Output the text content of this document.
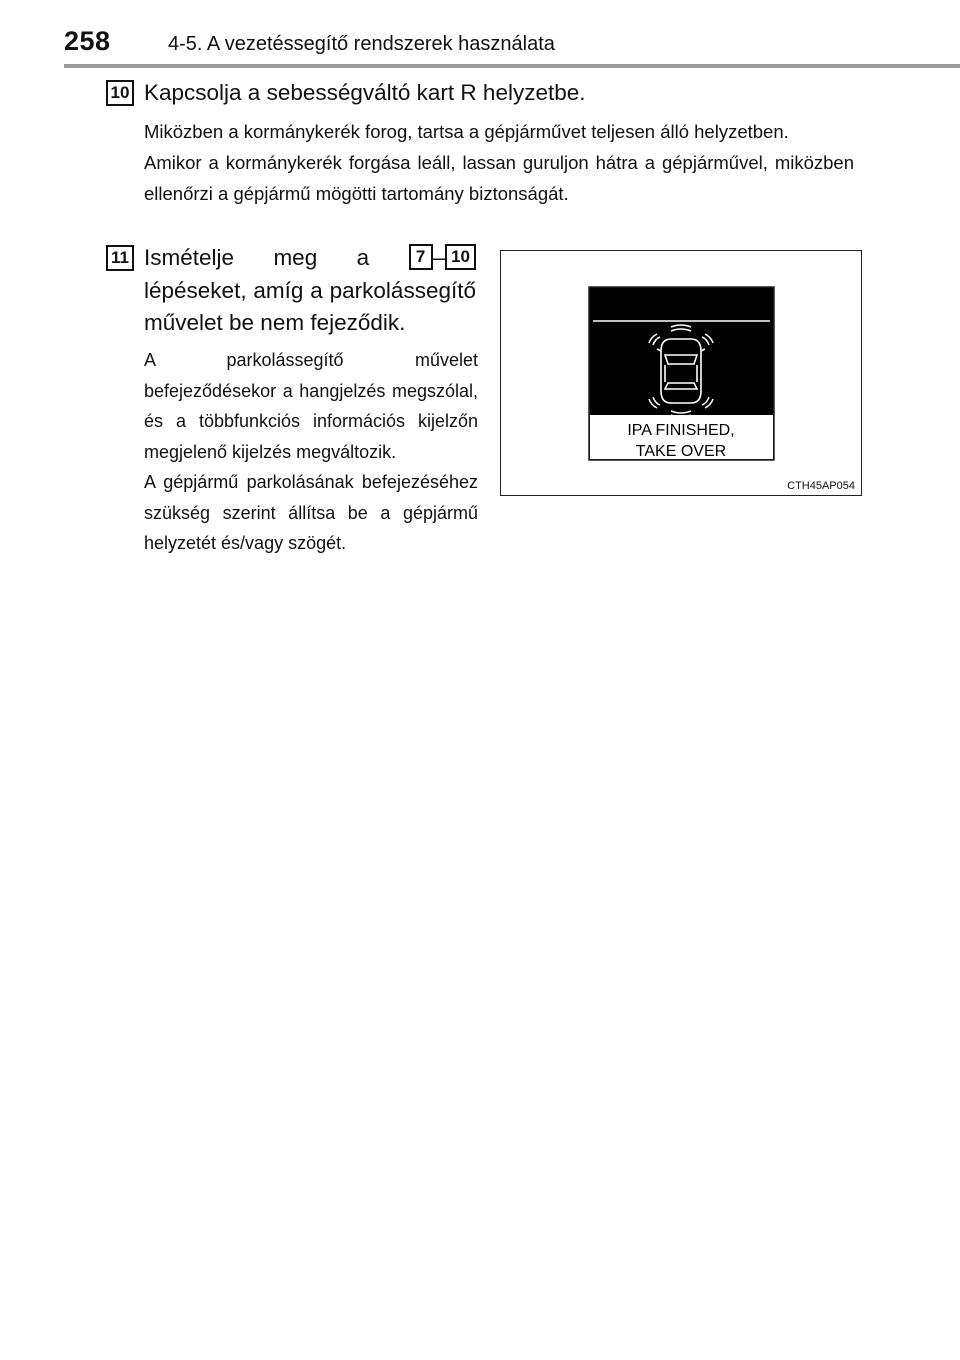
258	4-5. A vezetéssegítő rendszerek használata
10 Kapcsolja a sebességváltó kart R helyzetbe.

Miközben a kormánykerék forog, tartsa a gépjárművet teljesen álló helyzetben.

Amikor a kormánykerék forgása leáll, lassan guruljon hátra a gépjárművel, miközben ellenőrzi a gépjármű mögötti tartomány biztonságát.

11 Ismételje meg a	7 – 10 lépéseket, amíg a parkolássegítő művelet be nem fejeződik.

A parkolássegítő művelet befejeződésekor a hangjelzés megszólal, és a többfunkciós információs kijelzőn megjelenő kijelzés megváltozik.

A gépjármű parkolásának befejezéséhez szükség szerint állítsa be a gépjármű helyzetét és/vagy szögét.

IPA FINISHED,
TAKE OVER
CTH45AP054
